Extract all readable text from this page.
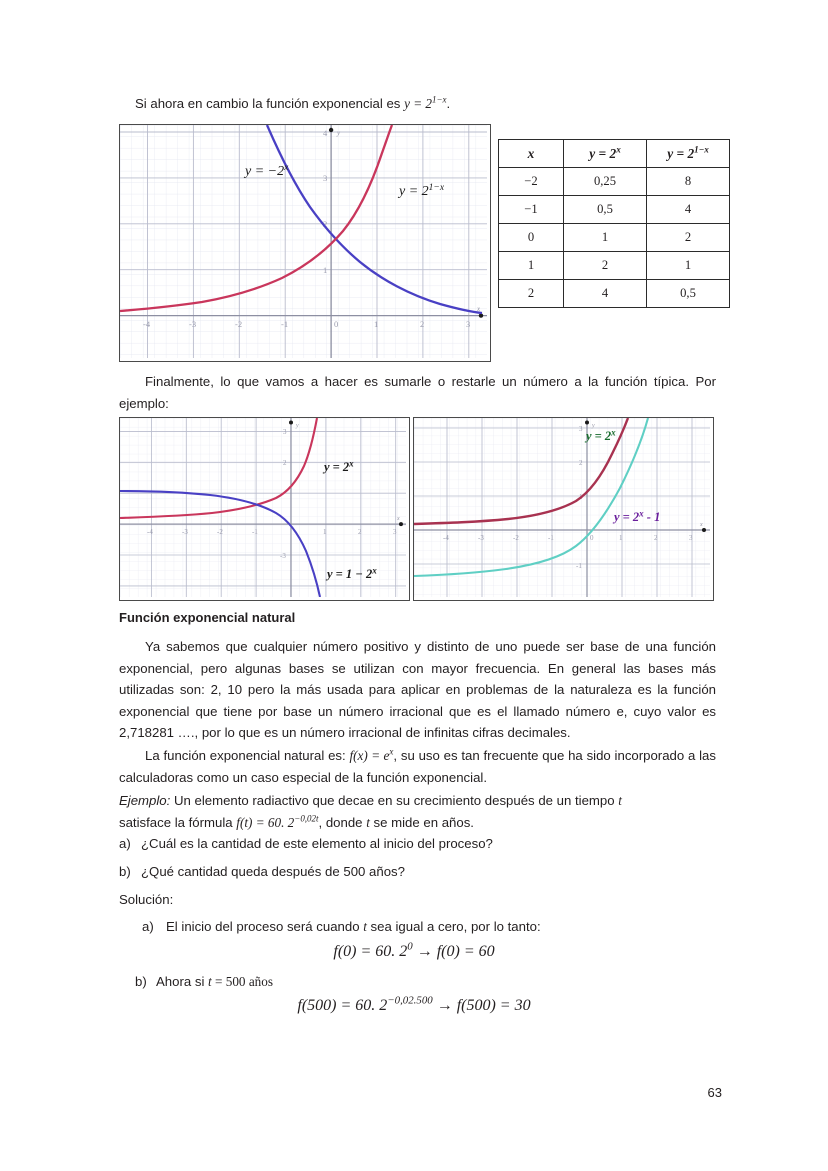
Si ahora en cambio la función exponencial es $y = 2^{1-x}$.
y
x
-4	-3	-2	-1	0	1	2	3
1
2
3
4
$y = -2^x$
$y = 2^{1-x}$
x	$y = 2^x$	$y = 2^{1-x}$
−2	0,25	8
−1	0,5	4
0	1	2
1	2	1
2	4	0,5
Finalmente, lo que vamos a hacer es sumarle o restarle un número a la función típica. Por ejemplo:
y
x
-4	-3	-2	-1	1	2	3
2
3
-3
$y = 2^x$
$y = 1 - 2^x$
y
x
-4	-3	-2	-1	0	1	2	3
1
2
3
-1
$y = 2^x$
$y = 2^x - 1$
Función exponencial natural
Ya sabemos que cualquier número positivo y distinto de uno puede ser base de una función exponencial, pero algunas bases se utilizan con mayor frecuencia. En general las bases más utilizadas son: 2, 10 pero la más usada para aplicar en problemas de la naturaleza es la función exponencial que tiene por base un número irracional que es el llamado número e, cuyo valor es 2,718281 …., por lo que es un número irracional de infinitas cifras decimales.
La función exponencial natural es: $f(x) = e^x$, su uso es tan frecuente que ha sido incorporado a las calculadoras como un caso especial de la función exponencial.
Ejemplo: Un elemento radiactivo que decae en su crecimiento después de un tiempo t
satisface la fórmula f(t) = 60. $2^{-0,02t}$, donde t se mide en años.
a) ¿Cuál es la cantidad de este elemento al inicio del proceso?
b) ¿Qué cantidad queda después de 500 años?
Solución:
a) El inicio del proceso será cuando t sea igual a cero, por lo tanto:
f(0) = 60. $2^0 \to f(0) = 60$
b) Ahora si t = 500 años
f(500) = 60. $2^{-0,02.500} \to f(500) = 30$
63
